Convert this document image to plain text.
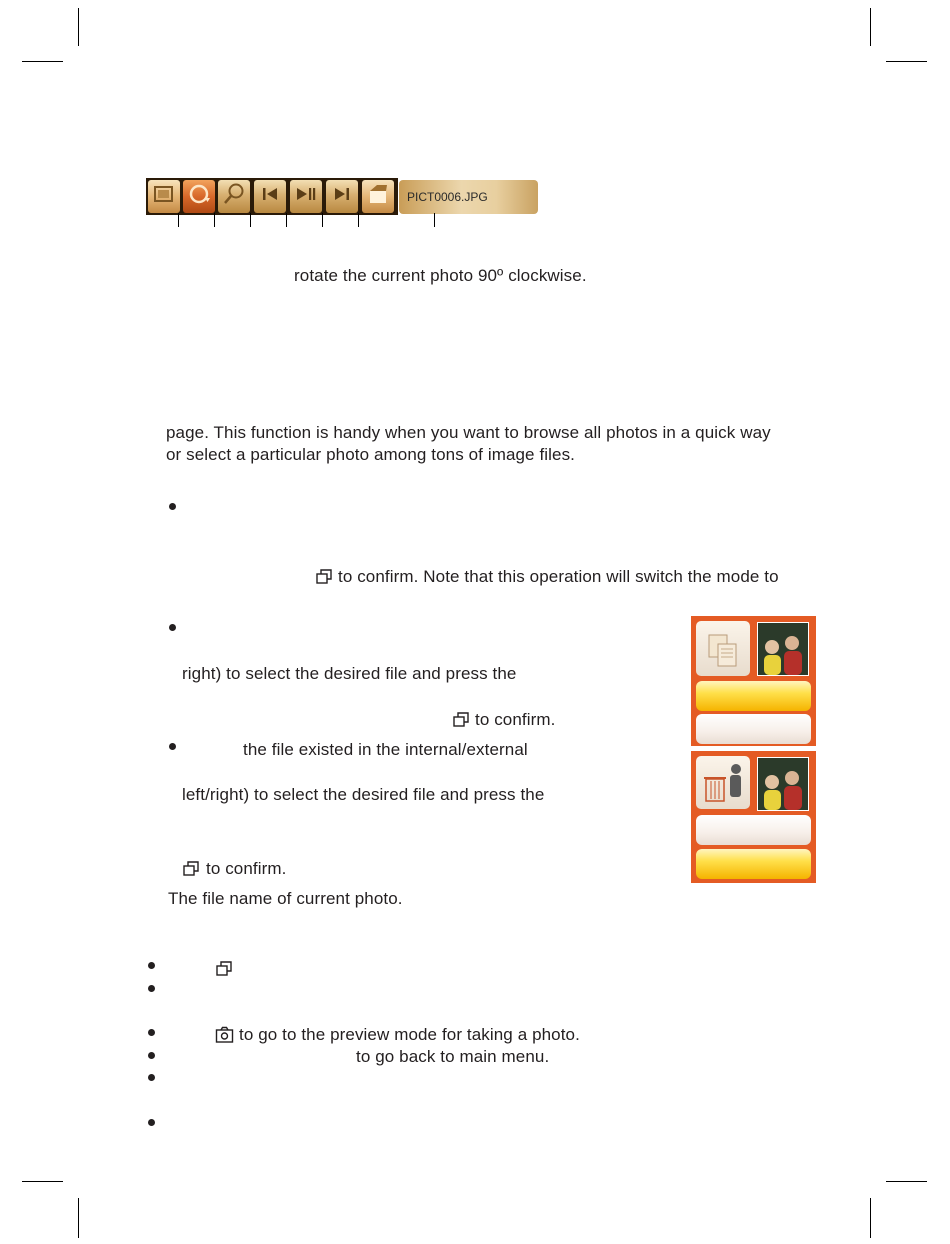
PICT0006.JPG
rotate the current photo 90º clockwise.
page. This function is handy when you want to browse all photos in a quick way
or select a particular photo among tons of image files.
to confirm. Note that this operation will switch the mode to
right) to select the desired file and press the
to confirm.
the file existed in the internal/external
left/right) to select the desired file and press the
to confirm.
The file name of current photo.
to go to the preview mode for taking a photo.
to go back to main menu.
